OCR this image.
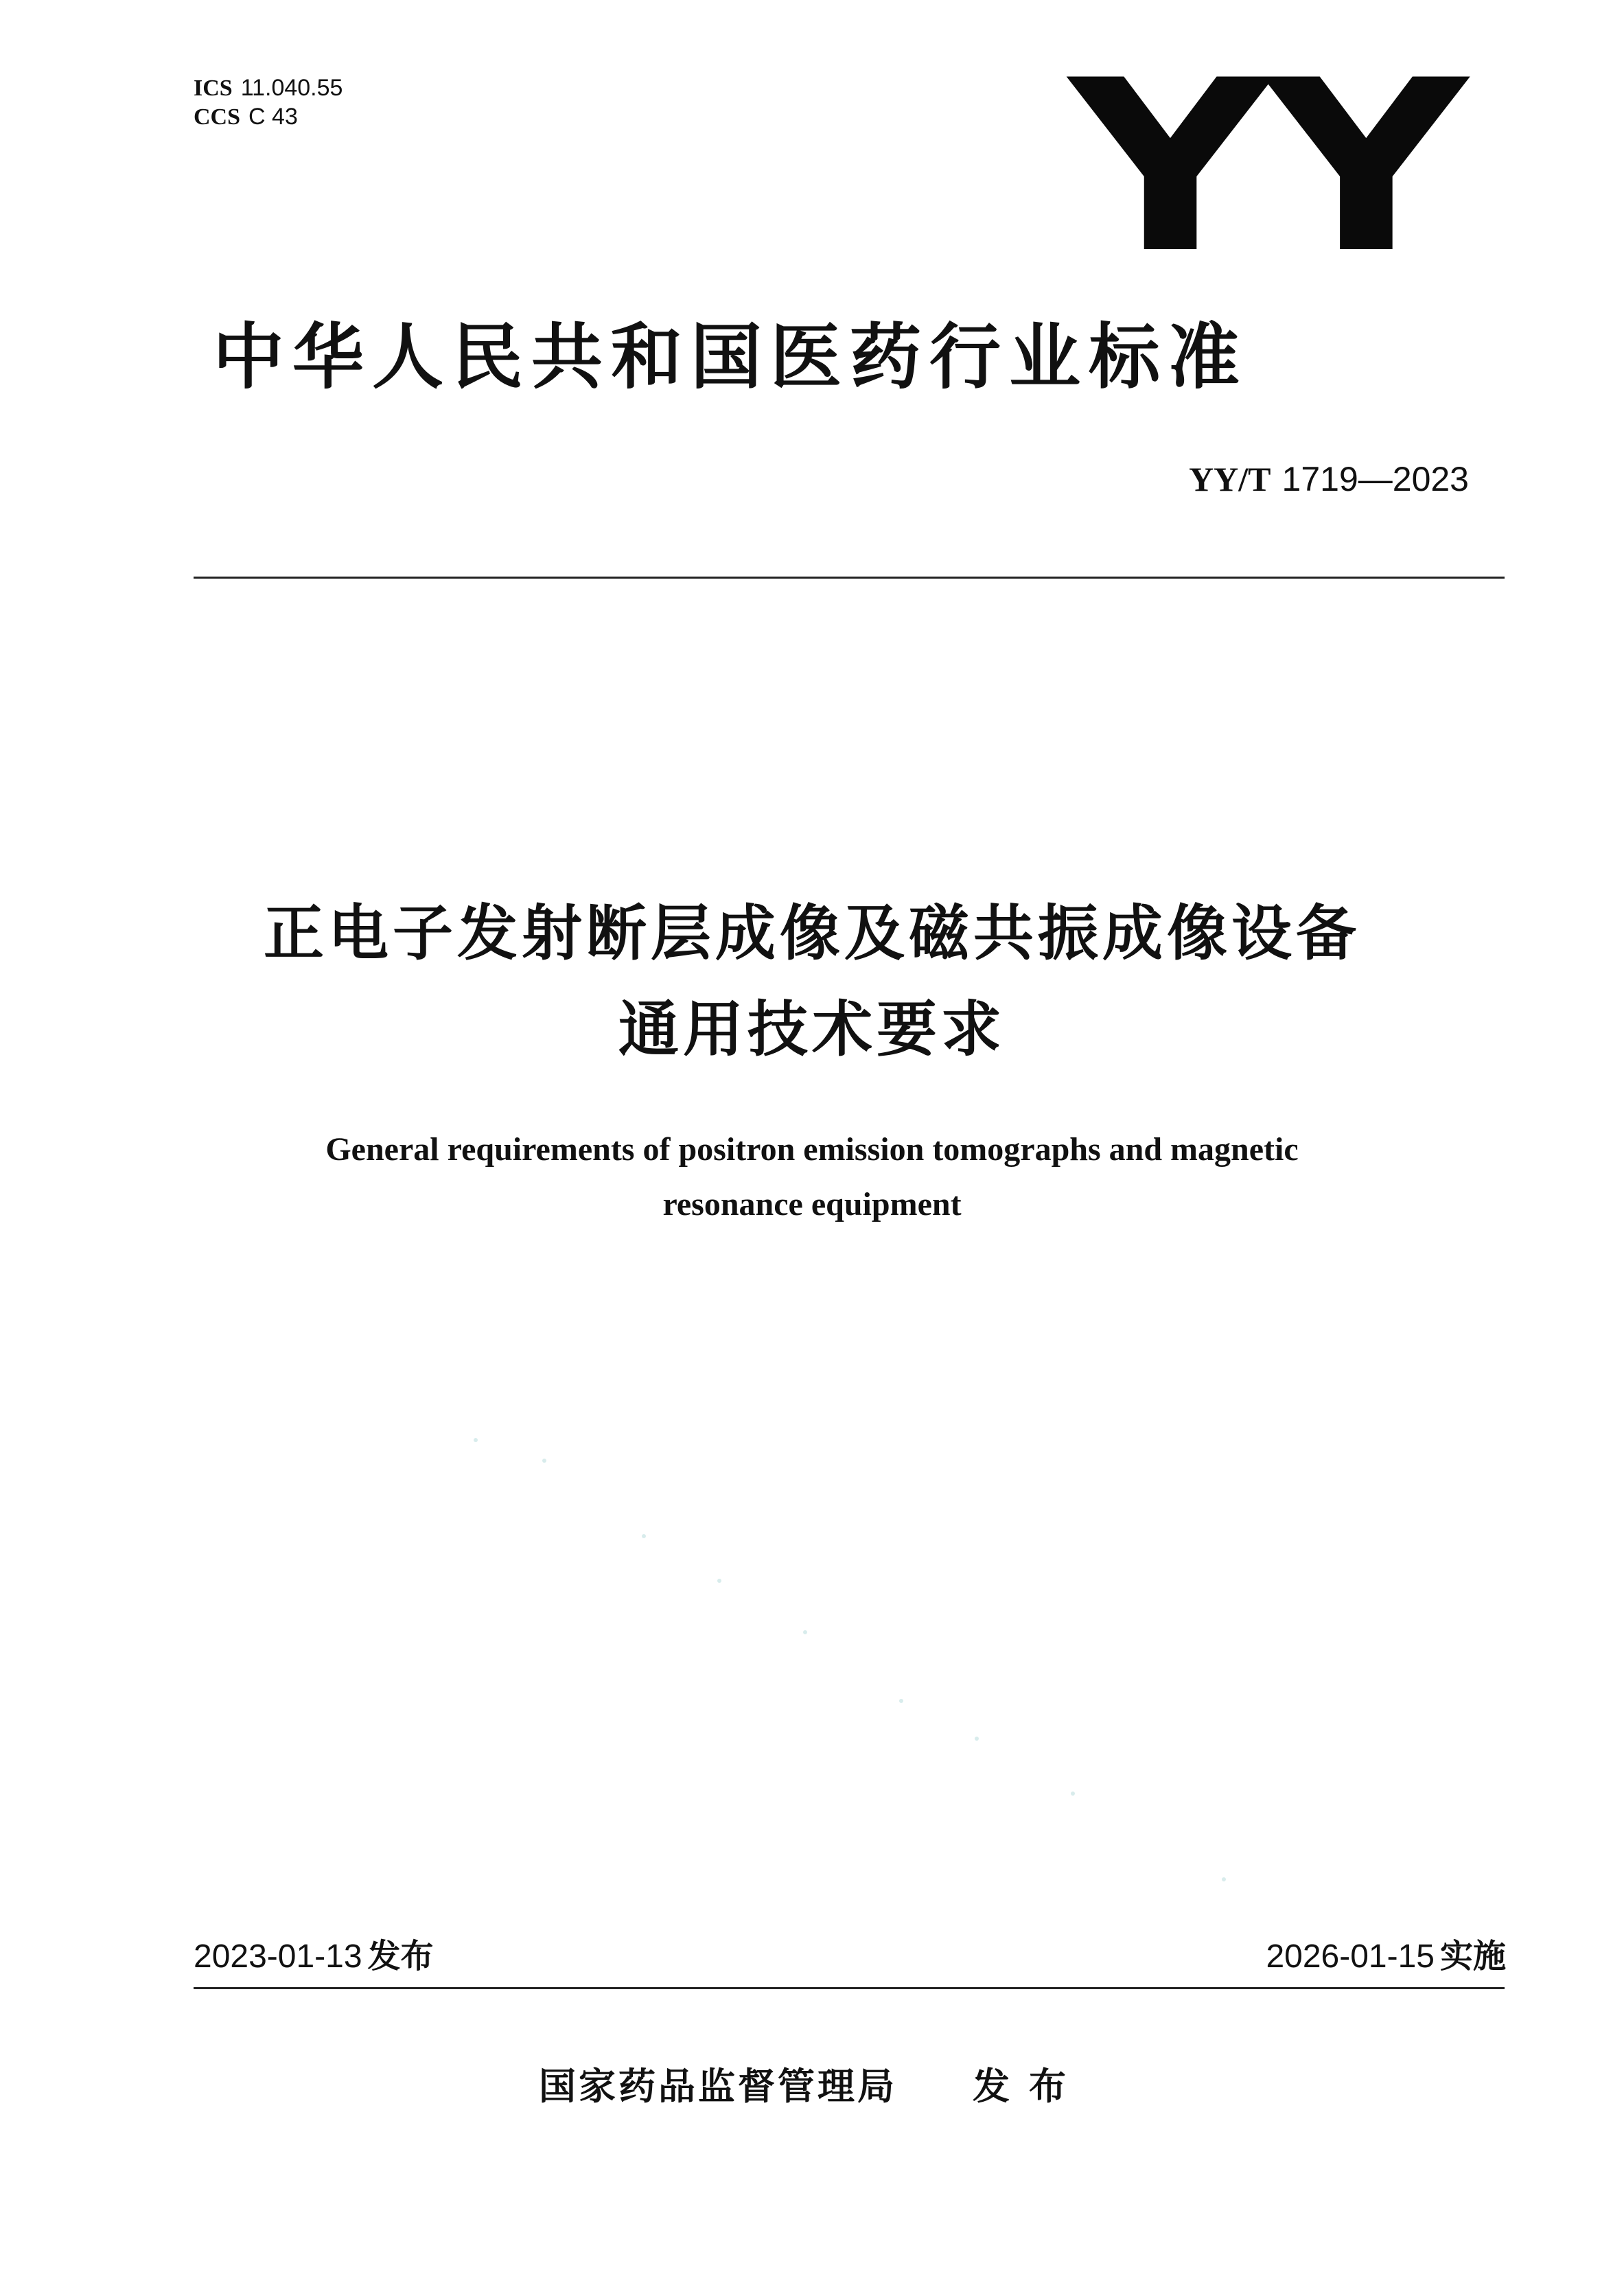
ICS 11.040.55
CCS C 43	YY
中华人民共和国医药行业标准
YY/T 1719—2023
正电子发射断层成像及磁共振成像设备
通用技术要求
General requirements of positron emission tomographs and magnetic
resonance equipment
2023-01-13 发布	2026-01-15 实施
国家药品监督管理局 发布
